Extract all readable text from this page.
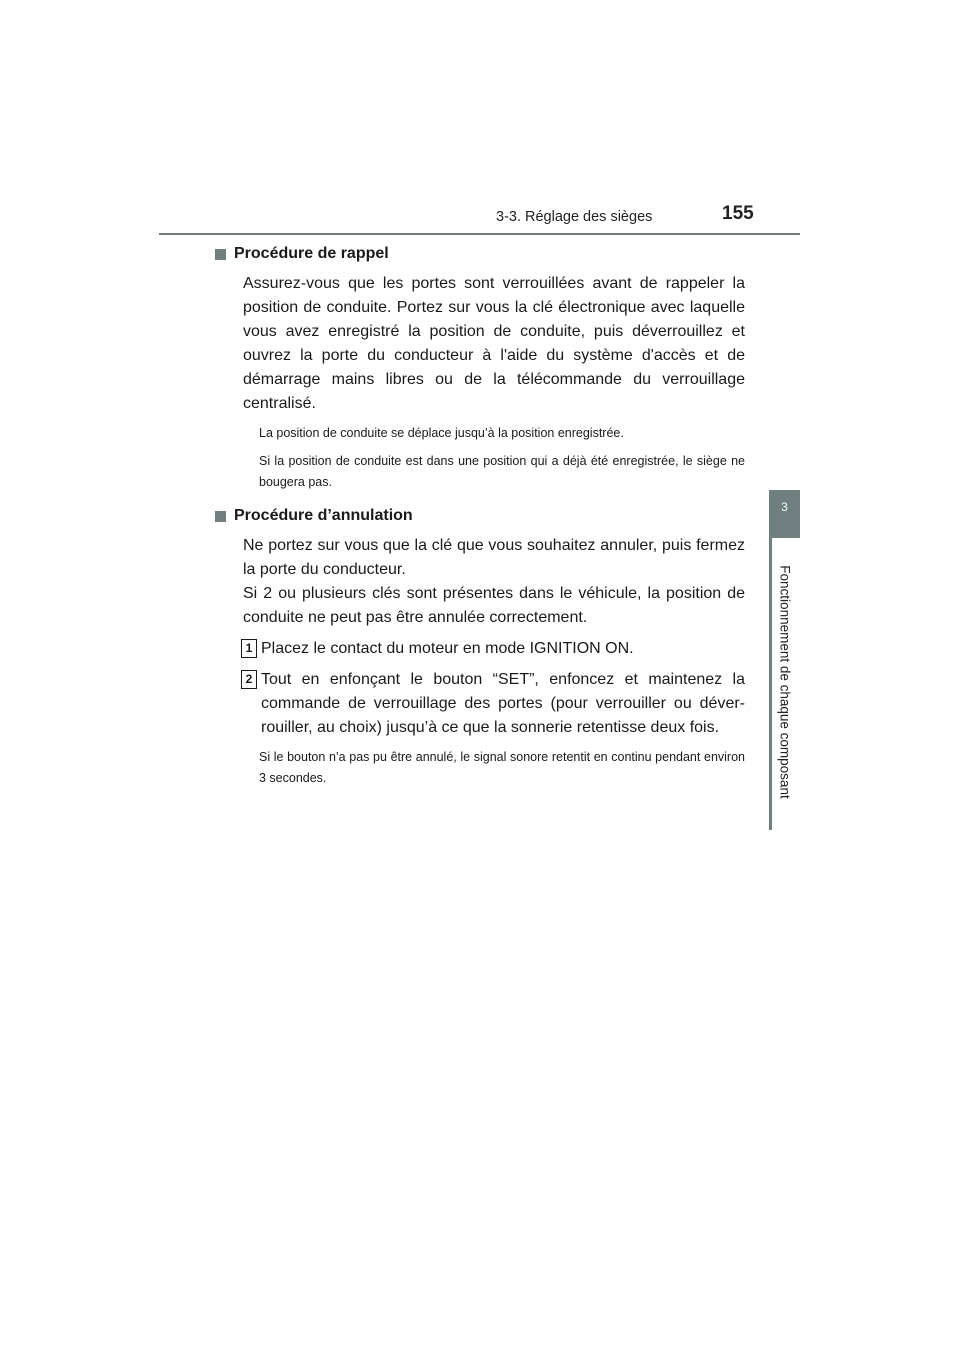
3-3. Réglage des sièges	155
3
Fonctionnement de chaque composant
Procédure de rappel

Assurez-vous que les portes sont verrouillées avant de rappeler la position de conduite. Portez sur vous la clé électronique avec laquelle vous avez enregistré la position de conduite, puis déverrouillez et ouvrez la porte du conducteur à l'aide du système d'accès et de démarrage mains libres ou de la télécommande du verrouillage centralisé.

La position de conduite se déplace jusqu’à la position enregistrée.

Si la position de conduite est dans une position qui a déjà été enregistrée, le siège ne bougera pas.

Procédure d’annulation

Ne portez sur vous que la clé que vous souhaitez annuler, puis fermez la porte du conducteur.

Si 2 ou plusieurs clés sont présentes dans le véhicule, la position de conduite ne peut pas être annulée correctement.

1 Placez le contact du moteur en mode IGNITION ON.
2 Tout en enfonçant le bouton “SET”, enfoncez et maintenez la commande de verrouillage des portes (pour verrouiller ou déverrouiller, au choix) jusqu’à ce que la sonnerie retentisse deux fois.

Si le bouton n’a pas pu être annulé, le signal sonore retentit en continu pendant environ 3 secondes.
